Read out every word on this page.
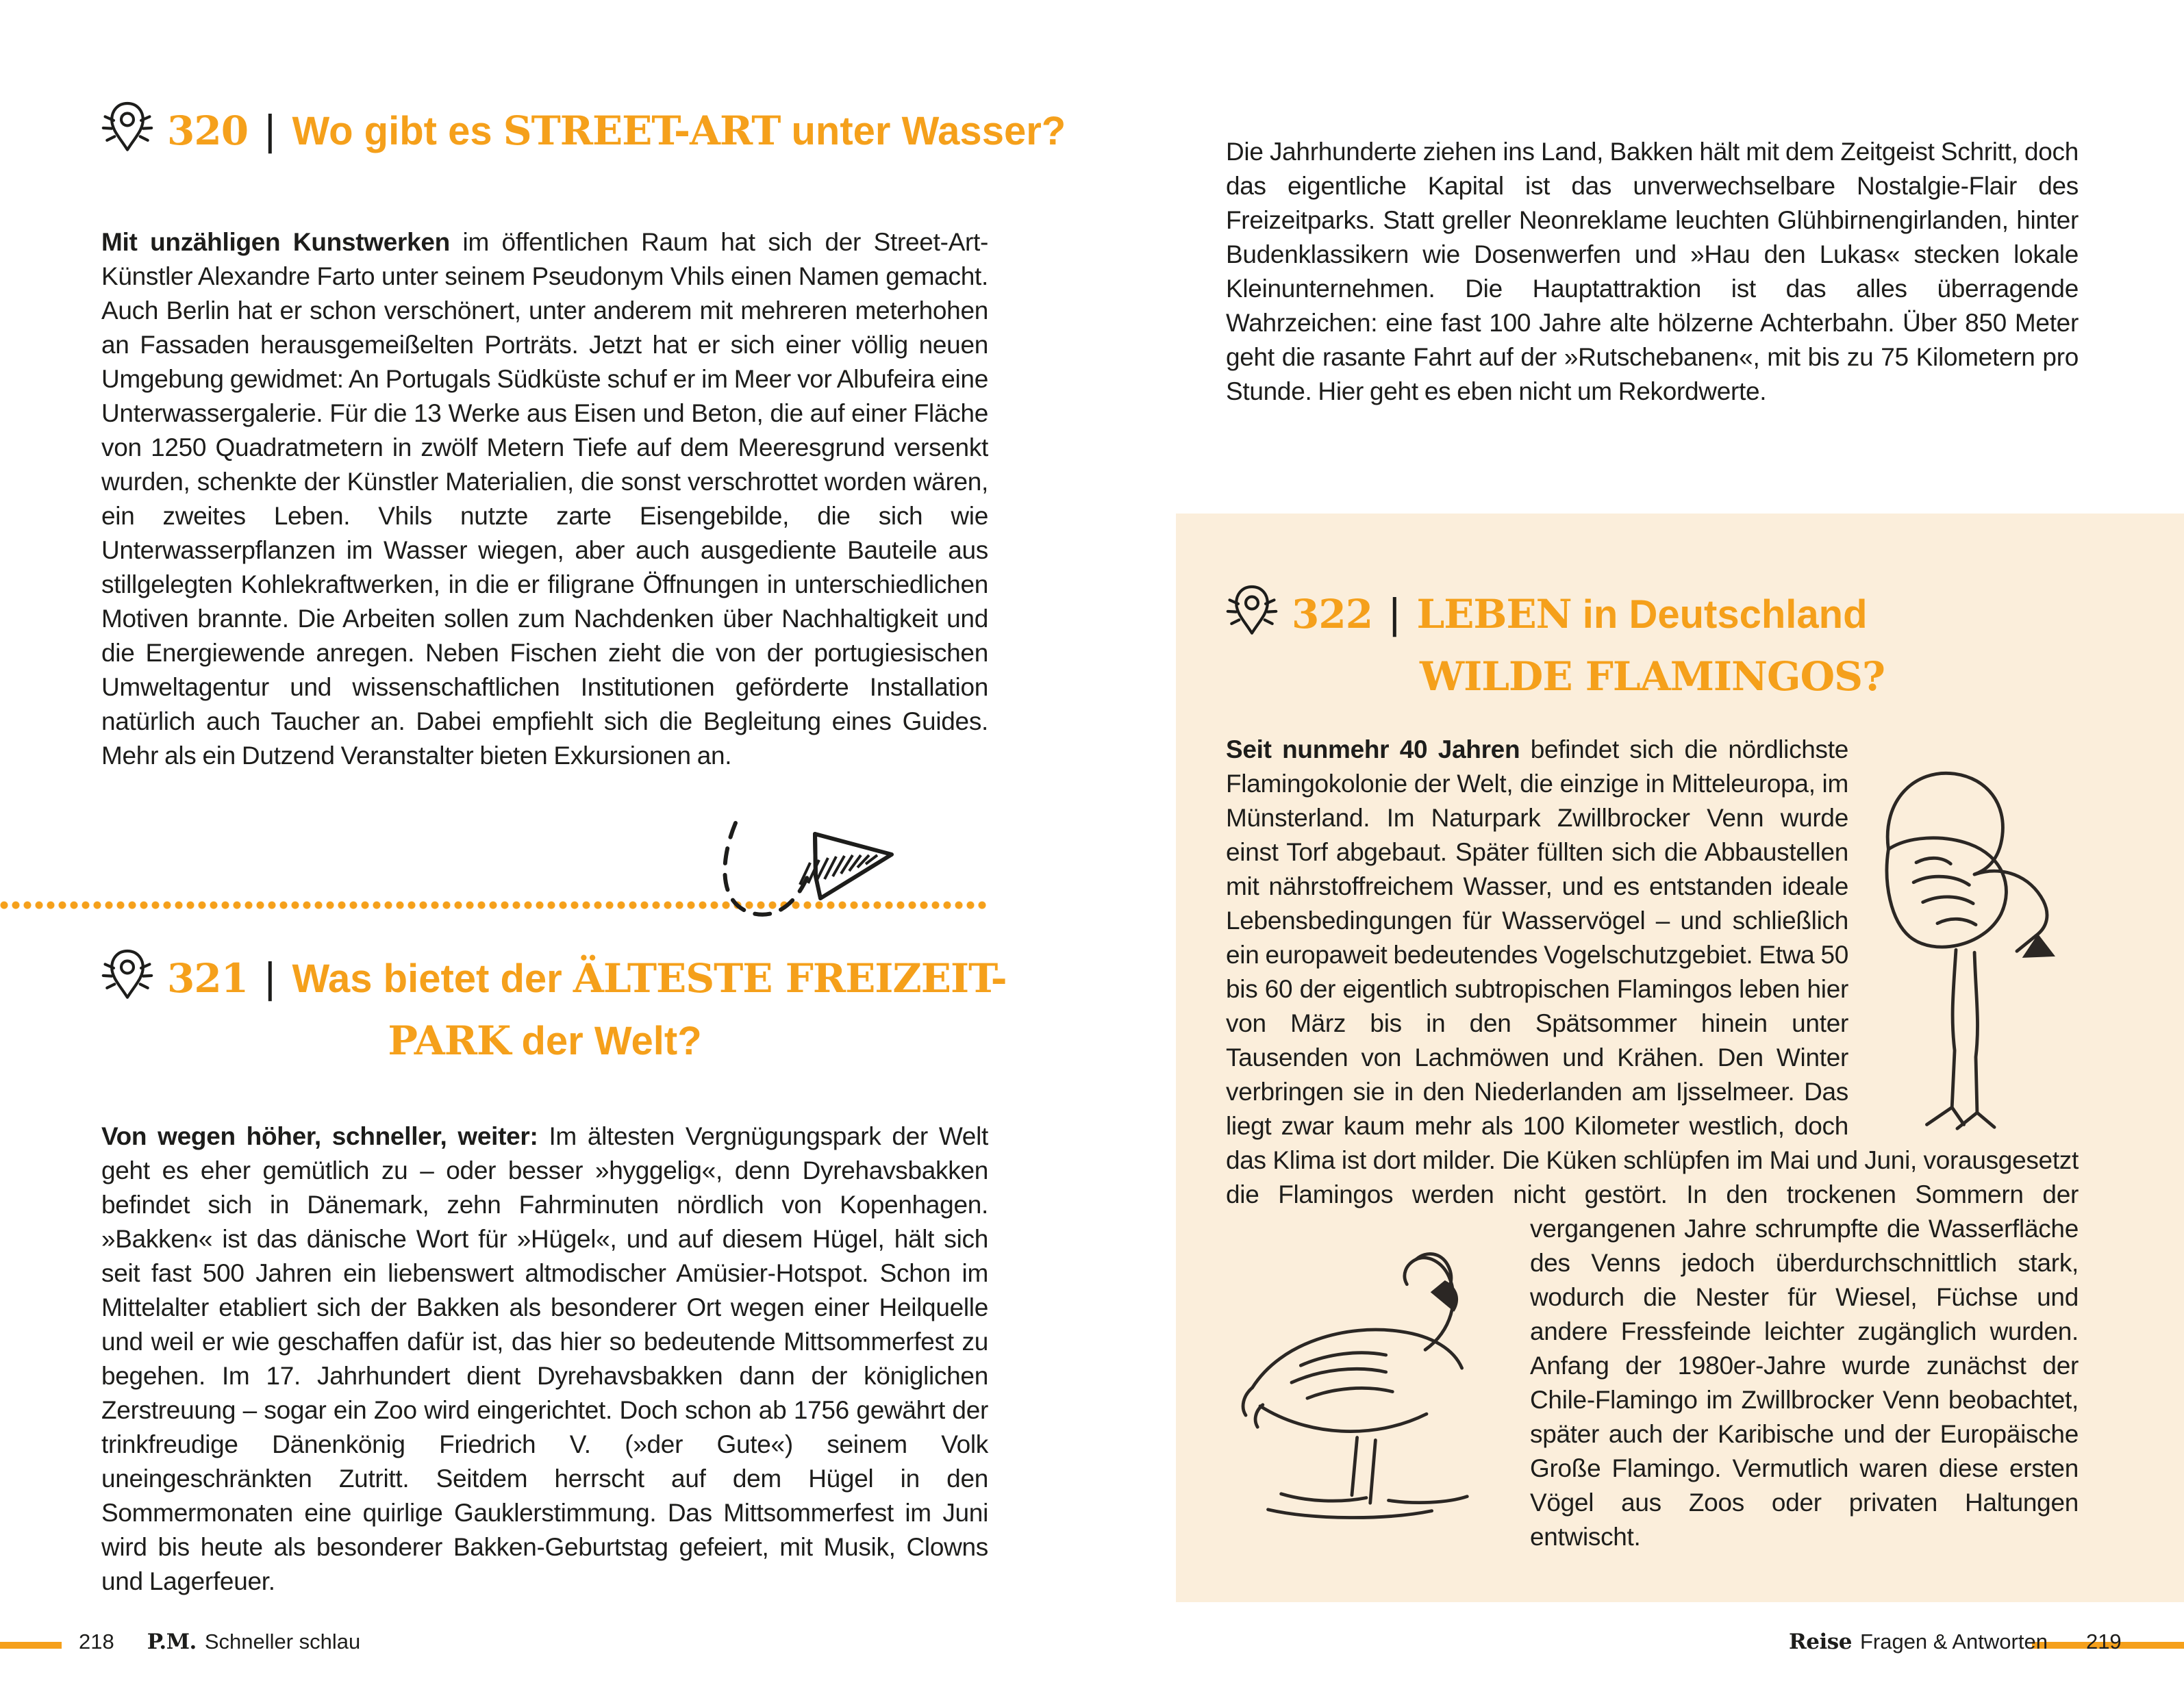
320 | Wo gibt es STREET-ART unter Wasser?

Mit unzähligen Kunstwerken im öffentlichen Raum hat sich der Street-Art-Künstler Alexandre Farto unter seinem Pseudonym Vhils einen Namen gemacht. Auch Berlin hat er schon verschönert, unter anderem mit mehreren meterhohen an Fassaden herausgemeißelten Porträts. Jetzt hat er sich einer völlig neuen Umgebung gewidmet: An Portugals Südküste schuf er im Meer vor Albufeira eine Unterwassergalerie. Für die 13 Werke aus Eisen und Beton, die auf einer Fläche von 1250 Quadratmetern in zwölf Metern Tiefe auf dem Meeresgrund versenkt wurden, schenkte der Künstler Materialien, die sonst verschrottet worden wären, ein zweites Leben. Vhils nutzte zarte Eisengebilde, die sich wie Unterwasserpflanzen im Wasser wiegen, aber auch ausgediente Bauteile aus stillgelegten Kohlekraftwerken, in die er filigrane Öffnungen in unterschiedlichen Motiven brannte. Die Arbeiten sollen zum Nachdenken über Nachhaltigkeit und die Energiewende anregen. Neben Fischen zieht die von der portugiesischen Umweltagentur und wissenschaftlichen Institutionen geförderte Installation natürlich auch Taucher an. Dabei empfiehlt sich die Begleitung eines Guides. Mehr als ein Dutzend Veranstalter bieten Exkursionen an.

321 | Was bietet der ÄLTESTE FREIZEIT-
PARK der Welt?

Von wegen höher, schneller, weiter: Im ältesten Vergnügungspark der Welt geht es eher gemütlich zu – oder besser »hyggelig«, denn Dyrehavsbakken befindet sich in Dänemark, zehn Fahrminuten nördlich von Kopenhagen. »Bakken« ist das dänische Wort für »Hügel«, und auf diesem Hügel, hält sich seit fast 500 Jahren ein liebenswert altmodischer Amüsier-Hotspot. Schon im Mittelalter etabliert sich der Bakken als besonderer Ort wegen einer Heilquelle und weil er wie geschaffen dafür ist, das hier so bedeutende Mittsommerfest zu begehen. Im 17. Jahrhundert dient Dyrehavsbakken dann der königlichen Zerstreuung – sogar ein Zoo wird eingerichtet. Doch schon ab 1756 gewährt der trinkfreudige Dänenkönig Friedrich V. (»der Gute«) seinem Volk uneingeschränkten Zutritt. Seitdem herrscht auf dem Hügel in den Sommermonaten eine quirlige Gauklerstimmung. Das Mittsommerfest im Juni wird bis heute als besonderer Bakken-Geburtstag gefeiert, mit Musik, Clowns und Lagerfeuer.

218 P.M. Schneller schlau

Die Jahrhunderte ziehen ins Land, Bakken hält mit dem Zeitgeist Schritt, doch das eigentliche Kapital ist das unverwechselbare Nostalgie-Flair des Freizeitparks. Statt greller Neonreklame leuchten Glühbirnengirlanden, hinter Budenklassikern wie Dosenwerfen und »Hau den Lukas« stecken lokale Kleinunternehmen. Die Hauptattraktion ist das alles überragende Wahrzeichen: eine fast 100 Jahre alte hölzerne Achterbahn. Über 850 Meter geht die rasante Fahrt auf der »Rutschebanen«, mit bis zu 75 Kilometern pro Stunde. Hier geht es eben nicht um Rekordwerte.

322 | LEBEN in Deutschland
WILDE FLAMINGOS?
Seit nunmehr 40 Jahren befindet sich die nördlichste Flamingokolonie der Welt, die einzige in Mitteleuropa, im Münsterland. Im Naturpark Zwillbrocker Venn wurde einst Torf abgebaut. Später füllten sich die Abbaustellen mit nährstoffreichem Wasser, und es entstanden ideale Lebensbedingungen für Wasservögel – und schließlich ein europaweit bedeutendes Vogelschutzgebiet. Etwa 50 bis 60 der eigentlich subtropischen Flamingos leben hier von März bis in den Spätsommer hinein unter Tausenden von Lachmöwen und Krähen. Den Winter verbringen sie in den Niederlanden am Ijsselmeer. Das liegt zwar kaum mehr als 100 Kilometer westlich, doch das Klima ist dort milder. Die Küken schlüpfen im Mai und Juni, vorausgesetzt die Flamingos werden nicht gestört. In den trockenen Sommern der vergangenen Jahre schrumpfte die Wasserfläche des Venns jedoch überdurchschnittlich stark, wodurch die Nester für Wiesel, Füchse und andere Fressfeinde leichter zugänglich wurden. Anfang der 1980er-Jahre wurde zunächst der Chile-Flamingo im Zwillbrocker Venn beobachtet, später auch der Karibische und der Europäische Große Flamingo. Vermutlich waren diese ersten Vögel aus Zoos oder privaten Haltungen entwischt.
Reise Fragen & Antworten 219
